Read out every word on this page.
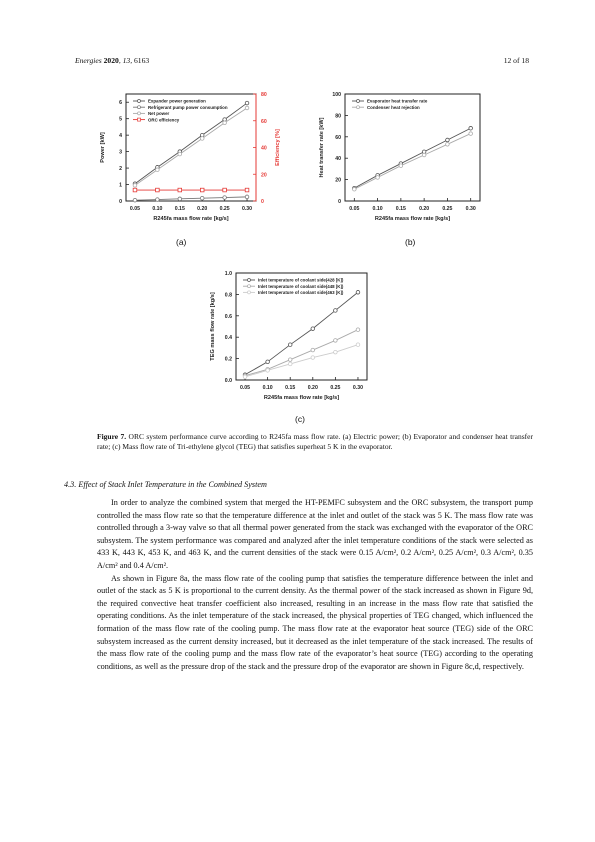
Energies 2020, 13, 6163	12 of 18
0.05 0.10 0.15 0.20 0.25 0.30
0
1
2
3
4
5
6
0
20
40
60
80
R245fa mass flow rate [kg/s]
Power [kW]	Efficiency [%]
Expander power generation
Refrigerant pump power consumption
Net power
ORC efficiency
0.05	0.10	0.15	0.20	0.25	0.30
0
20
40
60
80
100
R245fa mass flow rate [kg/s]
Heat transfer rate [kW]
Evaporator heat transfer rate
Condenser heat rejection
0.05 0.10 0.15 0.20 0.25 0.30
0.0
0.2
0.4
0.6
0.8
1.0
R245fa mass flow rate [kg/s]
TEG mass flow rate [kg/s]
Inlet temperature of coolant side(428 [K])
Inlet temperature of coolant side(448 [K])
Inlet temperature of coolant side(463 [K])
(a)	(b)
(c)
Figure 7. ORC system performance curve according to R245fa mass flow rate. (a) Electric power; (b) Evaporator and condenser heat transfer rate; (c) Mass flow rate of Tri-ethylene glycol (TEG) that satisfies superheat 5 K in the evaporator.
4.3. Effect of Stack Inlet Temperature in the Combined System

In order to analyze the combined system that merged the HT-PEMFC subsystem and the ORC subsystem, the transport pump controlled the mass flow rate so that the temperature difference at the inlet and outlet of the stack was 5 K. The mass flow rate was controlled through a 3-way valve so that all thermal power generated from the stack was exchanged with the evaporator of the ORC subsystem. The system performance was compared and analyzed after the inlet temperature conditions of the stack were selected as 433 K, 443 K, 453 K, and 463 K, and the current densities of the stack were 0.15 A/cm², 0.2 A/cm², 0.25 A/cm², 0.3 A/cm², 0.35 A/cm² and 0.4 A/cm².

As shown in Figure 8a, the mass flow rate of the cooling pump that satisfies the temperature difference between the inlet and outlet of the stack as 5 K is proportional to the current density. As the thermal power of the stack increased as shown in Figure 9d, the required convective heat transfer coefficient also increased, resulting in an increase in the mass flow rate that satisfied the operating conditions. As the inlet temperature of the stack increased, the physical properties of TEG changed, which influenced the formation of the mass flow rate of the cooling pump. The mass flow rate at the evaporator heat source (TEG) side of the ORC subsystem increased as the current density increased, but it decreased as the inlet temperature of the stack increased. The results of the mass flow rate of the cooling pump and the mass flow rate of the evaporator’s heat source (TEG) according to the operating conditions, as well as the pressure drop of the stack and the pressure drop of the evaporator are shown in Figure 8c,d, respectively.
